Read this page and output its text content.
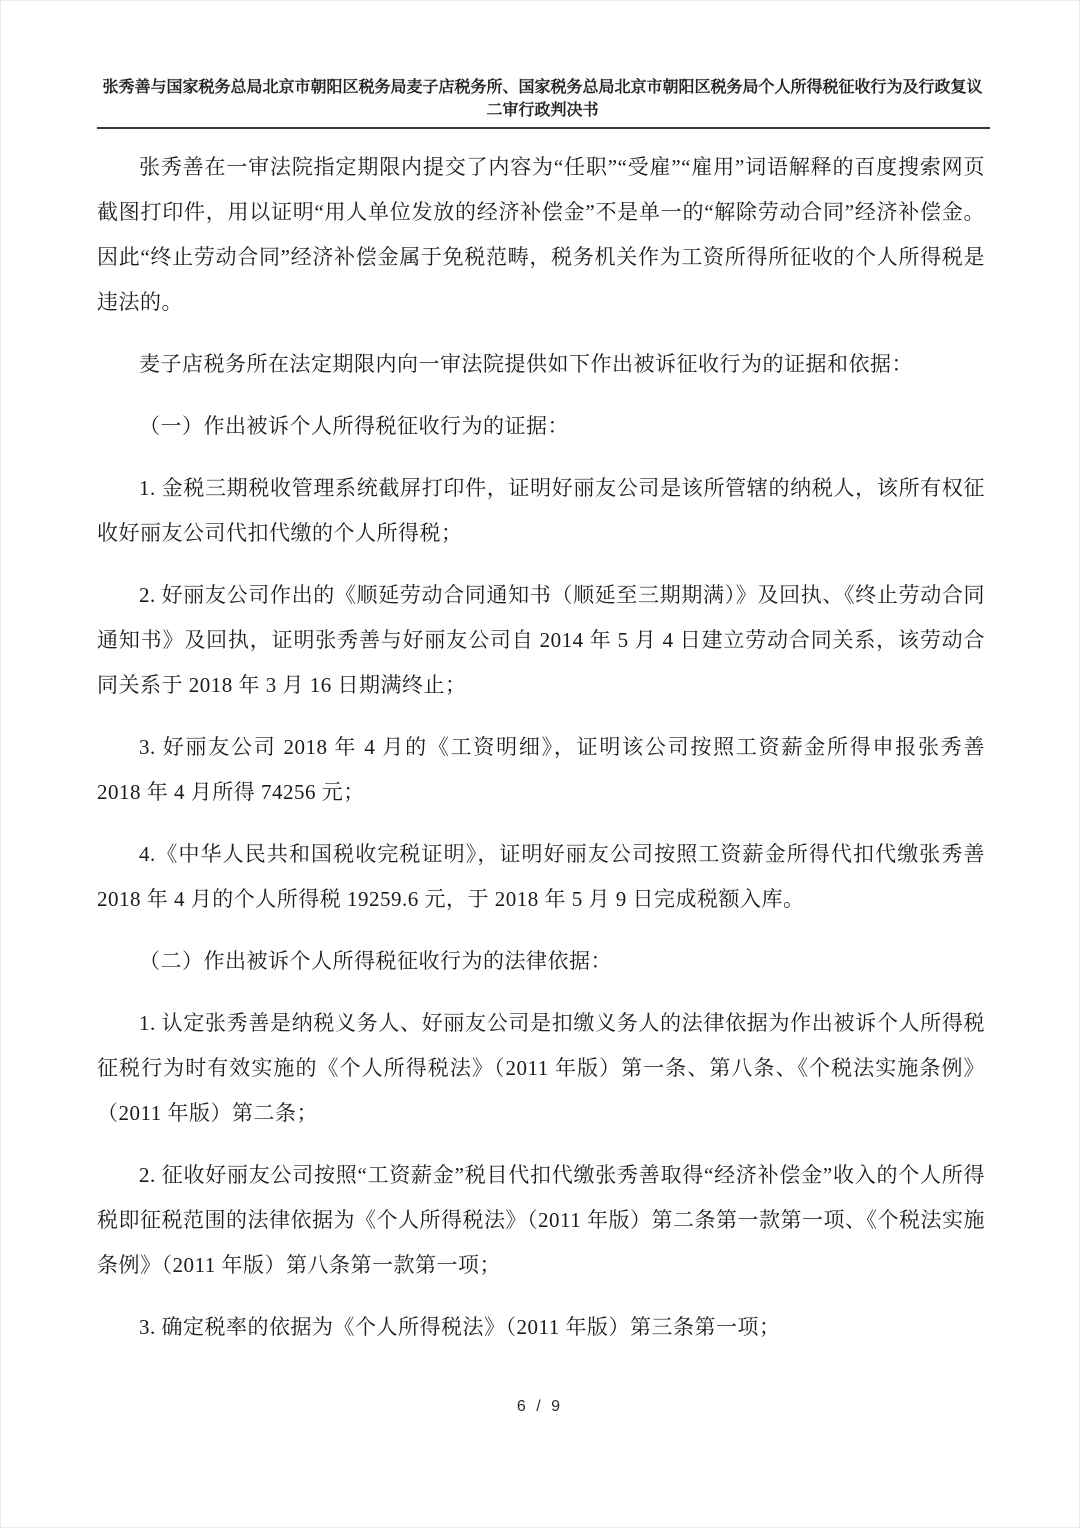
张秀善与国家税务总局北京市朝阳区税务局麦子店税务所、国家税务总局北京市朝阳区税务局个人所得税征收行为及行政复议二审行政判决书

张秀善在一审法院指定期限内提交了内容为“任职”“受雇”“雇用”词语解释的百度搜索网页截图打印件，用以证明“用人单位发放的经济补偿金”不是单一的“解除劳动合同”经济补偿金。因此“终止劳动合同”经济补偿金属于免税范畴，税务机关作为工资所得所征收的个人所得税是违法的。

麦子店税务所在法定期限内向一审法院提供如下作出被诉征收行为的证据和依据：

（一）作出被诉个人所得税征收行为的证据：

1. 金税三期税收管理系统截屏打印件，证明好丽友公司是该所管辖的纳税人，该所有权征收好丽友公司代扣代缴的个人所得税；

2. 好丽友公司作出的《顺延劳动合同通知书（顺延至三期期满）》及回执、《终止劳动合同通知书》及回执，证明张秀善与好丽友公司自 2014 年 5 月 4 日建立劳动合同关系，该劳动合同关系于 2018 年 3 月 16 日期满终止；

3. 好丽友公司 2018 年 4 月的《工资明细》，证明该公司按照工资薪金所得申报张秀善 2018 年 4 月所得 74256 元；

4.《中华人民共和国税收完税证明》，证明好丽友公司按照工资薪金所得代扣代缴张秀善 2018 年 4 月的个人所得税 19259.6 元，于 2018 年 5 月 9 日完成税额入库。

（二）作出被诉个人所得税征收行为的法律依据：

1. 认定张秀善是纳税义务人、好丽友公司是扣缴义务人的法律依据为作出被诉个人所得税征税行为时有效实施的《个人所得税法》（2011 年版）第一条、第八条、《个税法实施条例》（2011 年版）第二条；

2. 征收好丽友公司按照“工资薪金”税目代扣代缴张秀善取得“经济补偿金”收入的个人所得税即征税范围的法律依据为《个人所得税法》（2011 年版）第二条第一款第一项、《个税法实施条例》（2011 年版）第八条第一款第一项；

3. 确定税率的依据为《个人所得税法》（2011 年版）第三条第一项；

6 / 9
